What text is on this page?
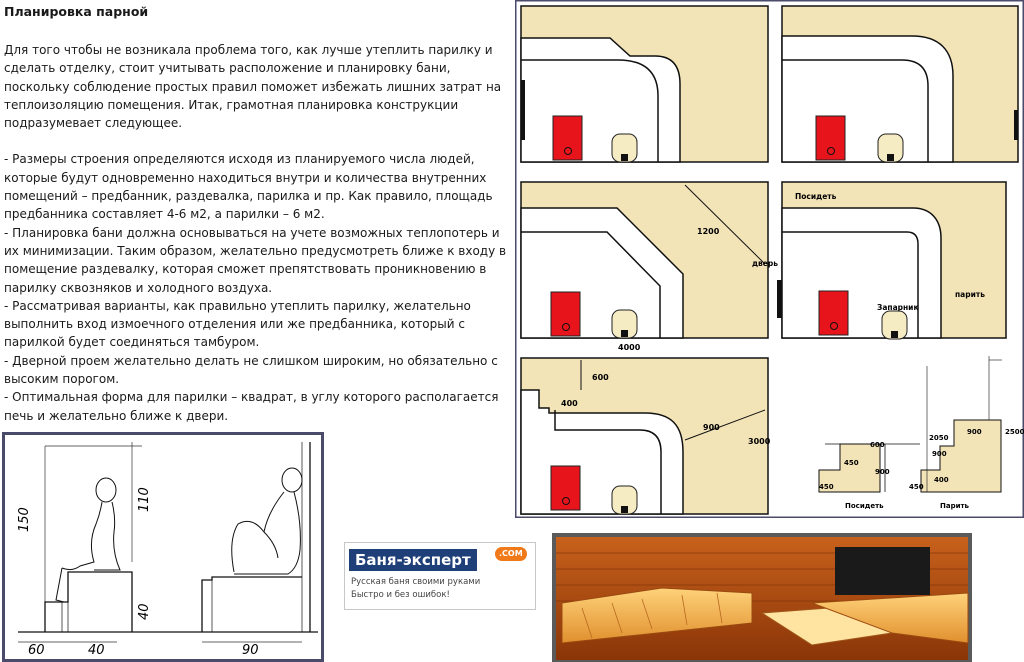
Планировка парной

Для того чтобы не возникала проблема того, как лучше утеплить парилку и сделать отделку, стоит учитывать расположение и планировку бани, поскольку соблюдение простых правил поможет избежать лишних затрат на теплоизоляцию помещения. Итак, грамотная планировка конструкции подразумевает следующее.

- Размеры строения определяются исходя из планируемого числа людей, которые будут одновременно находиться внутри и количества внутренних помещений – предбанник, раздевалка, парилка и пр. Как правило, площадь предбанника составляет 4-6 м2, а парилки – 6 м2.

- Планировка бани должна основываться на учете возможных теплопотерь и их минимизации. Таким образом, желательно предусмотреть ближе к входу в помещение раздевалку, которая сможет препятствовать проникновению в парилку сквозняков и холодного воздуха.

- Рассматривая варианты, как правильно утеплить парилку, желательно выполнить вход измоечного отделения или же предбанника, который с парилкой будет соединяться тамбуром.

- Дверной проем желательно делать не слишком широким, но обязательно с высоким порогом.

- Оптимальная форма для парилки – квадрат, в углу которого располагается печь и желательно ближе к двери.

1200
4000
Посидеть
парить
Запарник
дверь
600
400
900
3000	600
450
900
450
Посидеть
2050
2500
900
900
400
450
Парить
150
110
40
60	40	90
Баня-эксперт	.COM
Русская баня своими руками
Быстро и без ошибок!
